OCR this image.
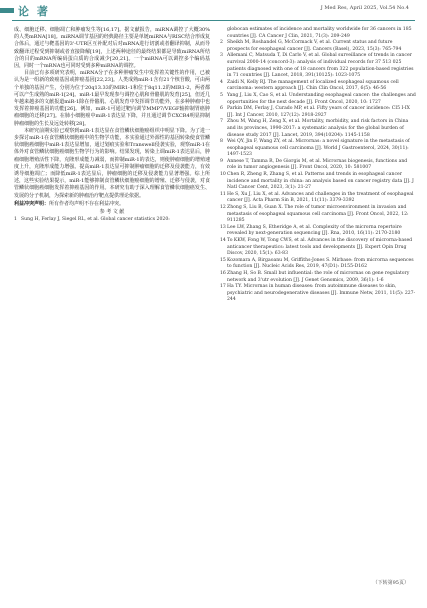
论 著	J Med Res, April 2025, Vol.54 No.4

成、细胞迁移、细胞凋亡和肿瘤发生等[16,17]。据文献报告，miRNA调控了大概30%的人类mRNA[18]。miRNA调节基因的经典路径主要是单链miRNA与RISC结合形成复合体后，通过与靶基因的3'-UTR区互补配对后对mRNA进行切割或者翻译抑制，从而导致翻译过程受到抑制或者直接降解[19]，上述两种途径的最终结果都是导致miRNA所结合的目的mRNA所编码蛋白质的合成减少[20,21]。一个miRNA可以调控多个编码基因，同时一个mRNA也可同时受到多种miRNA的调控。

目前已有多项研究表明，miRNA分子在多种肿瘤发生中发挥着关键性的作用，已被认为是一组新的致癌基因或抑癌基因[22,23]。人类成熟miR-1含有21个核苷酸，可由两个单独的基因产生，分别为位于20q13.33的MIR1-1和位于8q11.2的MIR1-2，两者都可以产生成熟的miR-1[24]。miR-1最早发现参与调控心肌和骨骼肌的发育[25]，但近几年越来越多的文献报道miR-1除在骨骼肌、心肌发育中发挥调节功能外，在多种肿瘤中也发挥着抑癌基因的功能[26]。例如，miR-1可通过靶向调节MMP7/VEGF轴抑制胃癌肿瘤细胞的迁移[27]。在肺小细胞癌中miR-1表达显下降，并且通过调节CXCR4明显抑制肿瘤细胞的生长及远处转移[28]。

本研究前期实验已观察到miR-1表达显在食管鳞状细胞癌组织中明显下降。为了进一步探讨miR-1在食管鳞状细胞癌中的生物学功能，本实验通过外源性的基因转染使食管鳞状细胞癌细胞中miR-1表达显增加，通过划痕实验和Transwell侵袭实验，观察miR-1在体外对食管鳞状细胞癌细胞生物学行为的影响。结果发现，转染上调miR-1表达显后，肿瘤细胞增殖活性下降，克隆形成能力减弱，而抑制miR-1的表达，则使肿瘤细胞的增殖速度上升，克隆形成能力增强。提高miR-1表达显可抑制肿瘤细胞的迁移及侵袭能力，有效诱导细胞凋亡；而降低miR-1表达显后，肿瘤细胞的迁移及侵袭能力显著增强。综上所述，这些实验结果提示，miR-1能够抑制食管鳞状细胞癌细胞的增殖、迁移与侵袭，对食管鳞状细胞癌细胞发挥着抑癌基因的作用。本研究有助于深入理解食管鳞状细胞癌发生、发展的分子机制，为探索新的肿瘤治疗靶点提供理论依据。

利益冲突声明：所有作者均声明不存在利益冲突。
参 考 文 献
1 Sung H, Ferlay J, Siegel RL, et al. Global cancer statistics 2020:
globocan estimates of incidence and mortality worldwide for 36 cancers in 185 countries [J]. CA Cancer J Clin, 2021, 71(3): 209-249
2 Sheikh M, Roshandel G, McCormack V, et al. Current status and future prospects for esophageal cancer [J]. Cancers (Basel), 2023, 15(3): 765-794
3 Allemani C, Matsuda T, Di Carlo V, et al. Global surveillance of trends in cancer survival 2000-14 (concord-3): analysis of individual records for 37 513 025 patients diagnosed with one of 18 cancers from 322 population-based registries in 71 countries [J]. Lancet, 2018, 391(10125): 1023-1075
4 Zaidi N, Kelly RJ. The management of localized esophageal squamous cell carcinoma: western approach [J]. Chin Clin Oncol, 2017, 6(5): 46-56
5 Yang J, Liu X, Cao S, et al. Understanding esophageal cancer: the challenges and opportunities for the next decade [J]. Front Oncol, 2020, 10: 1727
6 Parkin DM, Ferlay J, Curado MP, et al. Fifty years of cancer incidence: CI5 I-IX [J]. Int J Cancer, 2010, 127(12): 2918-2927
7 Zhou M, Wang H, Zeng X, et al. Mortality, morbidity, and risk factors in China and its provinces, 1990-2017: a systematic analysis for the global burden of disease study 2017 [J]. Lancet, 2019, 394(10204): 1145-1158
8 Wei QY, Jin F, Wang ZY, et al. Micrornas: a novel signature in the metastasis of esophageal squamous cell carcinoma [J]. World J Gastroenterol, 2024, 30(11): 1497-1523
9 Annese T, Tamma R, De Giorgis M, et al. Micrornas biogenesis, functions and role in tumor angiogenesis [J]. Front Oncol, 2020, 10: 581007
10 Chen R, Zheng R, Zhang S, et al. Patterns and trends in esophageal cancer incidence and mortality in china: an analysis based on cancer registry data [J]. J Natl Cancer Cent, 2023, 3(1): 21-27
11 He S, Xu J, Liu X, et al. Advances and challenges in the treatment of esophageal cancer [J]. Acta Pharm Sin B, 2021, 11(11): 3379-3392
12 Zhong S, Liu B, Guan X. The role of tumor microenvironment in invasion and metastasis of esophageal squamous cell carcinoma [J]. Front Oncol, 2022, 12: 911285
13 Lee LW, Zhang S, Etheridge A, et al. Complexity of the microrna repertoire revealed by next-generation sequencing [J]. Rna, 2010, 16(11): 2170-2180
14 To KKW, Fong W, Tong CWS, et al. Advances in the discovery of microrna-based anticancer therapeutics: latest tools and developments [J]. Expert Opin Drug Discov, 2020, 15(1): 63-83
15 Kozomara A, Birgaoanu M, Griffiths-Jones S. Mirbase: from microrna sequences to function [J]. Nucleic Acids Res, 2019, 47(D1): D155-D162
16 Zhang H, So B. Small but influential: the role of micrornas on gene regulatory network and 3'utr evolution [J]. J Genet Genomics, 2009, 36(1): 1-6
17 Ha TY. Micrornas in human diseases: from autoimmune diseases to skin, psychiatric and neurodegenerative diseases [J]. Immune Netw, 2011, 11(5): 227-244
（下转第95页）
